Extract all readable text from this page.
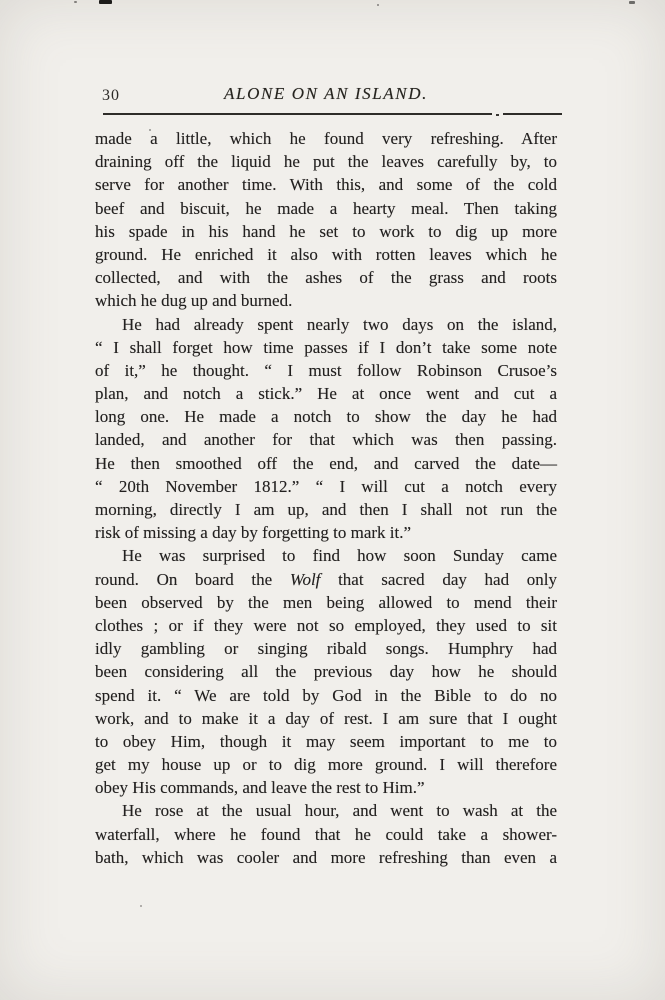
30	ALONE ON AN ISLAND.
made a little, which he found very refreshing. After
draining off the liquid he put the leaves carefully by, to
serve for another time. With this, and some of the cold
beef and biscuit, he made a hearty meal. Then taking
his spade in his hand he set to work to dig up more
ground. He enriched it also with rotten leaves which he
collected, and with the ashes of the grass and roots
which he dug up and burned.
He had already spent nearly two days on the island,
“ I shall forget how time passes if I don’t take some note
of it,” he thought. “ I must follow Robinson Crusoe’s
plan, and notch a stick.” He at once went and cut a
long one. He made a notch to show the day he had
landed, and another for that which was then passing.
He then smoothed off the end, and carved the date—
“ 20th November 1812.” “ I will cut a notch every
morning, directly I am up, and then I shall not run the
risk of missing a day by forgetting to mark it.”
He was surprised to find how soon Sunday came
round. On board the Wolf that sacred day had only
been observed by the men being allowed to mend their
clothes ; or if they were not so employed, they used to sit
idly gambling or singing ribald songs. Humphry had
been considering all the previous day how he should
spend it. “ We are told by God in the Bible to do no
work, and to make it a day of rest. I am sure that I ought
to obey Him, though it may seem important to me to
get my house up or to dig more ground. I will therefore
obey His commands, and leave the rest to Him.”
He rose at the usual hour, and went to wash at the
waterfall, where he found that he could take a shower-
bath, which was cooler and more refreshing than even a
